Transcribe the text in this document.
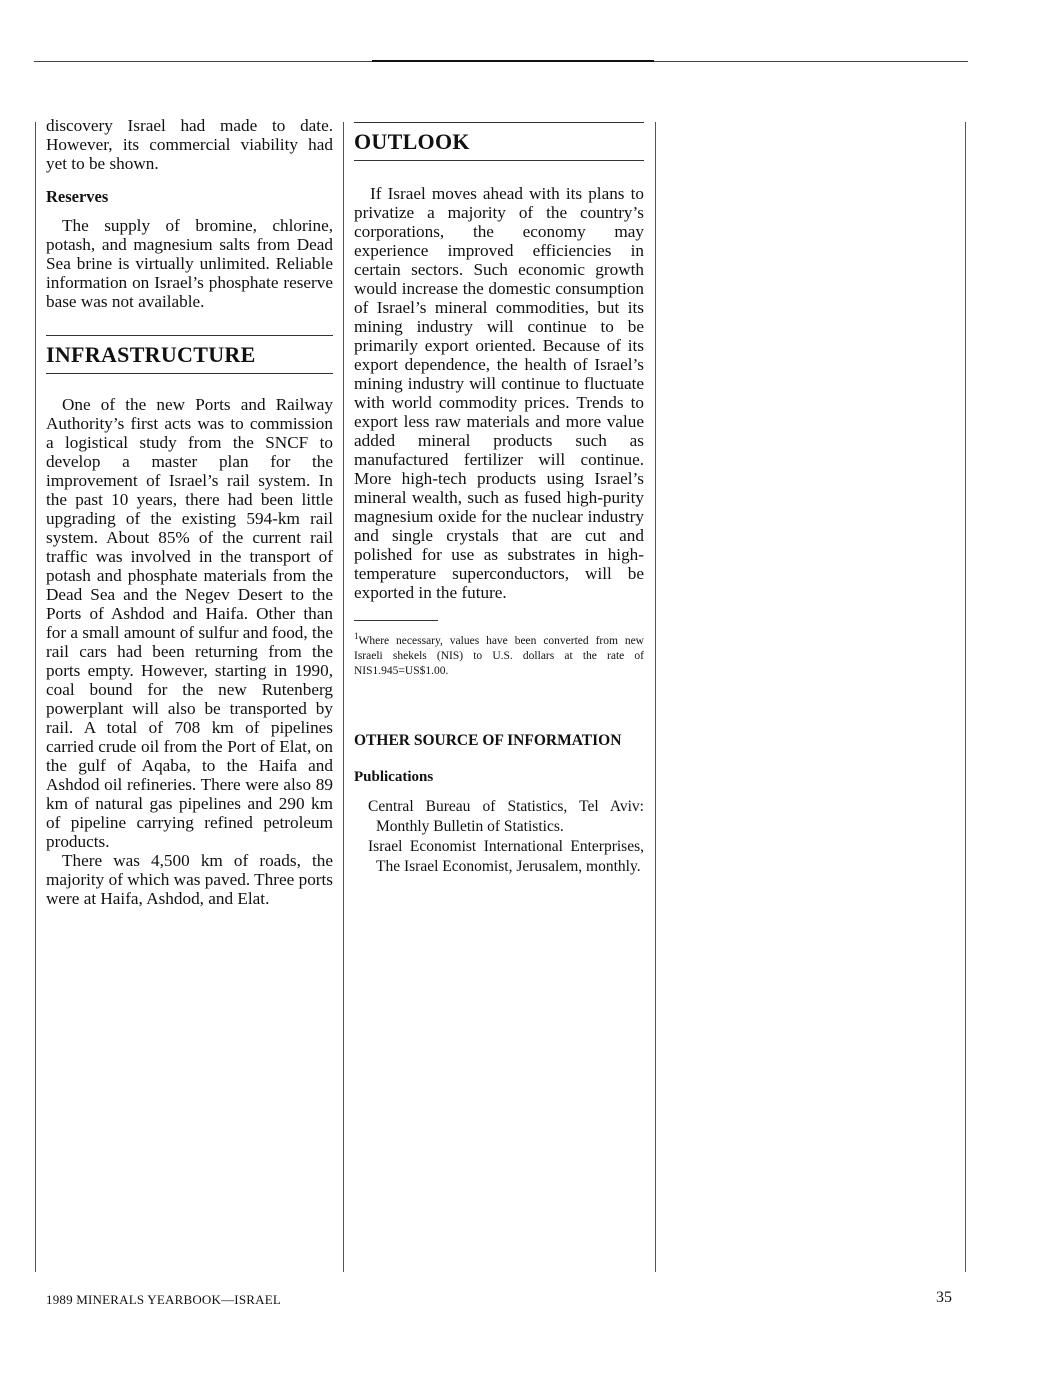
discovery Israel had made to date. However, its commercial viability had yet to be shown.

Reserves

The supply of bromine, chlorine, potash, and magnesium salts from Dead Sea brine is virtually unlimited. Reliable information on Israel’s phosphate reserve base was not available.

INFRASTRUCTURE

One of the new Ports and Railway Authority’s first acts was to commission a logistical study from the SNCF to develop a master plan for the improvement of Israel’s rail system. In the past 10 years, there had been little upgrading of the existing 594-km rail system. About 85% of the current rail traffic was involved in the transport of potash and phosphate materials from the Dead Sea and the Negev Desert to the Ports of Ashdod and Haifa. Other than for a small amount of sulfur and food, the rail cars had been returning from the ports empty. However, starting in 1990, coal bound for the new Rutenberg powerplant will also be transported by rail. A total of 708 km of pipelines carried crude oil from the Port of Elat, on the gulf of Aqaba, to the Haifa and Ashdod oil refineries. There were also 89 km of natural gas pipelines and 290 km of pipeline carrying refined petroleum products.

There was 4,500 km of roads, the majority of which was paved. Three ports were at Haifa, Ashdod, and Elat.

OUTLOOK

If Israel moves ahead with its plans to privatize a majority of the country’s corporations, the economy may experience improved efficiencies in certain sectors. Such economic growth would increase the domestic consumption of Israel’s mineral commodities, but its mining industry will continue to be primarily export oriented. Because of its export dependence, the health of Israel’s mining industry will continue to fluctuate with world commodity prices. Trends to export less raw materials and more value added mineral products such as manufactured fertilizer will continue. More high-tech products using Israel’s mineral wealth, such as fused high-purity magnesium oxide for the nuclear industry and single crystals that are cut and polished for use as substrates in high-temperature superconductors, will be exported in the future.

$^1$Where necessary, values have been converted from new Israeli shekels (NIS) to U.S. dollars at the rate of NIS1.945=US$1.00.

OTHER SOURCE OF INFORMATION
Publications

Central Bureau of Statistics, Tel Aviv: Monthly Bulletin of Statistics.

Israel Economist International Enterprises, The Israel Economist, Jerusalem, monthly.

1989 MINERALS YEARBOOK—ISRAEL	35
